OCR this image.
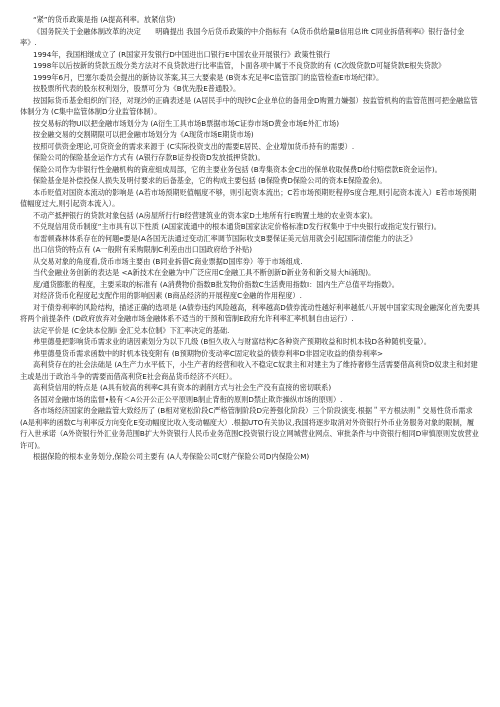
“紧”的货币政策是指 (A提高利率。放紧信贷)

《国务院关于金融体制改革的决定　　明确提出 我国今后货币政策的中介指标有《A货币供给量B信用总lft C同业拆借利率i》银行备付金率》.

1994年，我国相继成立了 (R国家开发银行D中国进出口银行E中国农业开展银行》政策性银行

1998年以后按新的贷款五级分类方法对不良贷款进行比率监管，卜面各项中属于不良贷款的有 (C次级贷款D可疑贷款E根失贷款》

1999年6月，巴塞尔委员会提出的新协议茶案,其三大要索是 (B资本充足率C监管部门的监管检查E市场纪律》。

按股票所代表的股东权利划分，股票可分为《B优先股E普通股》。

按国际货币基金组织的门径，对现沙的正确表述是 (A居民手中的现钞C企业单位的备用金D购置力嫌强）按监管机构的监管范围可把金融监管体制分为 (C集中监管体制D分业监管体制）。

按交易标的物Ul以把金融市场划分为 (A衍生工具市场B票据市场C证券市场D黄金市场E外汇市场)

按金融交易的交割期限可以把金融市场划分为《A现货市场E期货市场)

按照可供资金理论,可贷资金的需求来源于 (C实际投资支出的需要E居民、企业增加货币持有的需要）.

保险公司的保险基金运作方式有 (A银行存款B证券投资D发放抵押贷款)。

保险公司作为非银行性金融机构的資産組成局部，它的主要业务包括 (B寿集资本金C出的保单收取保费D给付赔偿款E资金运作)。

保险基金是补偿投保人损失及明付要求的后备基金，它的构成主要包括 (B保险费D保险公司的资本E保险盈余)。

本币贬值对国资本流动的影响是 (A若市场预期贬值幅度不够，则引起资本流出；C若市场预期贬程停S度合理,则引起资本流入）E若市场预期值幅度过大,则引起资本流入）。

不动产抵押银行的贷款对象包括 (A房屋所行行B经营建筑业的资本家D土地所有行E购置土地的农业资本家)。

不兑现信用货币制度”主市具有以下性质 (A国家流通中的根本通货B国家法定价格标准D发行权集中于中央银行或指定发行银行)。

布雷顿森林体系存在的何題e要是(A各国无法通过变动汇率调节国际收支B要保证美元信用就会引起国际清偿能力的法乏》

出口信贷的特点有 (A一般附有采购限制C利差由出口国政府给予补贴)

从交易对象的角度看,货币市场主要由 (B同业拆借C商业票据D国库券）等于市场组成.

当代金融业务创新的表达是 <A新技术在金融为中广泛应用C金融工具不断创新D新业务和新交易大hi涌现)。

度/通货膨胀的程度，主要采取的标准有 (A消费物价指数B批发物价指数C生活费用指数I：国内生产总值平均指数》。

对经济货币化程度起支配作用的影响因素 (B商品经济的开展程度C金融的作用程度）.

对于债券利率的风险结构，描述正确的选项是 (A债券违约风险越高，利率越高D债券流动性越好利率越低八开展中国家实现金融深化首先要具将两个前提条件 (D政府放弃对金融市场金融体系不适当的干预和管制E政府允许利率汇率机制自由运行）.

法定平价是 (C金块本位制i 金汇兑本位制》下汇率决定的基础.

弗里德曼把影响货币需求业的诸因素划分为以下几级 (B恒久收入与财富结构C各种资产预期收益和时机本钱D各种随机变量）。

弗里德曼货币需求函数中的时机本钱变附有 (B预期物价变动率C固定收益的债券利率D非固定收益的债券利率>

高利贷存在的社会法础是 (A生产力水平低下，小生产者的经营和收入不稳定C奴隶主和对建主为了维持奢修生活需要借高利贷D奴隶主和封建主或是出于政治斗争的需要而借高利贷E社会商品货币经济不兴旺）。

高利贷信用的特点是 (A具有较高的利率C具有资本的剥削方式与社会生产没有直接的密切联系)

各国对金融市场的监督•般有＜A公开公正公平原则B制止背衔的原则D禁止欺诈操纵市场的原则）.

各市场经济国家的金融监管大致经历了 (B相对宽松阶段C严格管制阶段D完善强化阶段）三个阶段演变.根据＂平方根法则＂交易性货币需求 (A是利率的函数C与利率反方向变化E变动幅度比收入变动幅度大）.根据UTO有关协议,我国将逐步取消对外资银行外币业务服务对象的限制，履行入世承诺（A外资银行外汇业务范围B扩大外资银行人民币业务范围C投资银行设立网城营业网点、审批条件与中资银行相同D审慎原则发放营业许可)。

根据保险的根本业务划分,保险公司主要有 (A人寿保险公司C财产保险公司D内保险公M)
